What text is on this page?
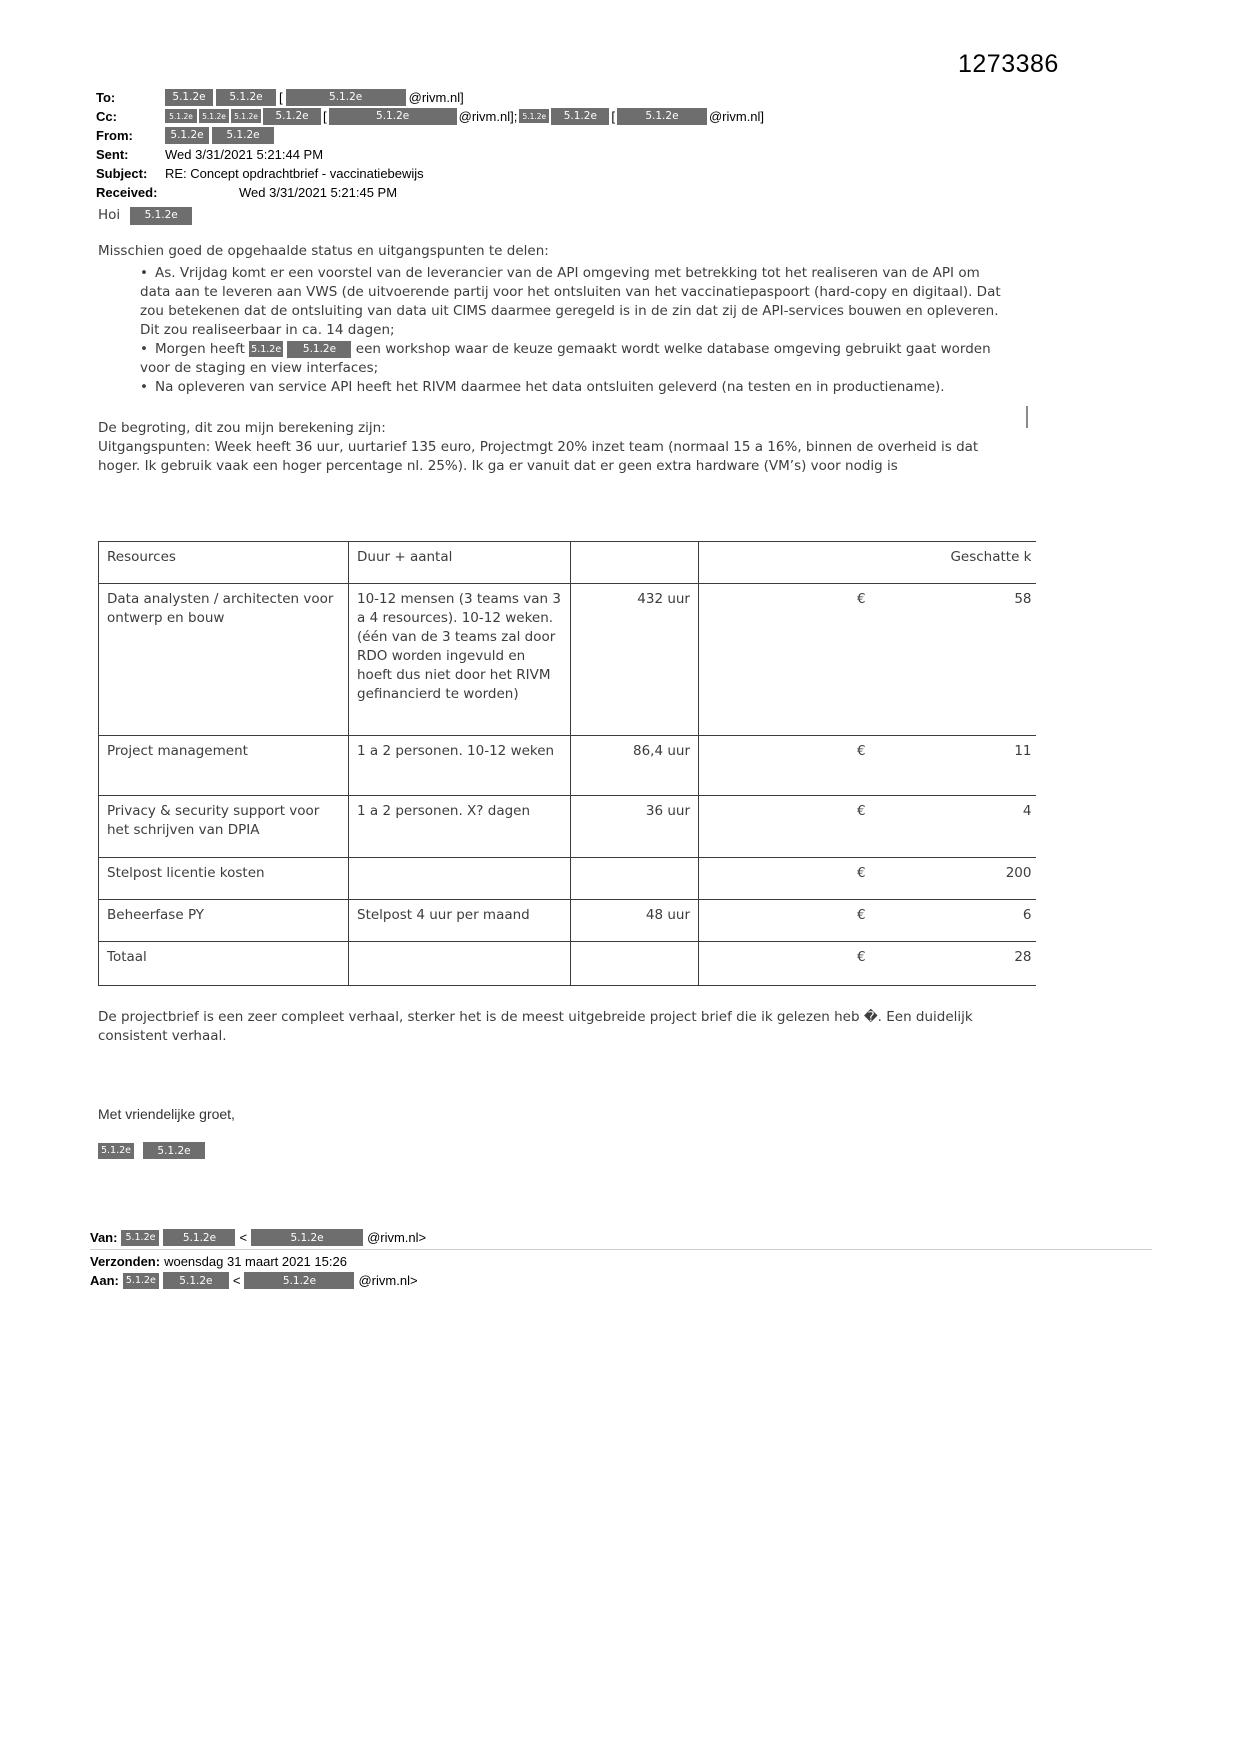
1273386
To:	5.1.2e	5.1.2e	[	5.1.2e	@rivm.nl]
Cc:	5.1.2e	5.1.2e	5.1.2e	5.1.2e	[	5.1.2e	@rivm.nl]; 5.1.2e	5.1.2e	[	5.1.2e	@rivm.nl]
From:	5.1.2e	5.1.2e
Sent:	Wed 3/31/2021 5:21:44 PM
Subject:	RE: Concept opdrachtbrief - vaccinatiebewijs
Received:	Wed 3/31/2021 5:21:45 PM
Hoi	5.1.2e
Misschien goed de opgehaalde status en uitgangspunten te delen:
• As. Vrijdag komt er een voorstel van de leverancier van de API omgeving met betrekking tot het realiseren van de API om data aan te leveren aan VWS (de uitvoerende partij voor het ontsluiten van het vaccinatiepaspoort (hard-copy en digitaal). Dat zou betekenen dat de ontsluiting van data uit CIMS daarmee geregeld is in de zin dat zij de API-services bouwen en opleveren. Dit zou realiseerbaar in ca. 14 dagen;
• Morgen heeft 5.1.2e 5.1.2e een workshop waar de keuze gemaakt wordt welke database omgeving gebruikt gaat worden voor de staging en view interfaces;
• Na opleveren van service API heeft het RIVM daarmee het data ontsluiten geleverd (na testen en in productiename).
De begroting, dit zou mijn berekening zijn:
Uitgangspunten: Week heeft 36 uur, uurtarief 135 euro, Projectmgt 20% inzet team (normaal 15 a 16%, binnen de overheid is dat hoger. Ik gebruik vaak een hoger percentage nl. 25%). Ik ga er vanuit dat er geen extra hardware (VM’s) voor nodig is
Resources	Duur + aantal		Geschatte k
Data analysten / architecten voor ontwerp en bouw	10-12 mensen (3 teams van 3 a 4 resources). 10-12 weken. (één van de 3 teams zal door RDO worden ingevuld en hoeft dus niet door het RIVM gefinancierd te worden)	432 uur	€ 58

Project management	1 a 2 personen. 10-12 weken	86,4 uur	€ 11

Privacy & security support voor het schrijven van DPIA	1 a 2 personen. X? dagen	36 uur	€ 4

Stelpost licentie kosten			€ 200

Beheerfase PY	Stelpost 4 uur per maand	48 uur	€ 6

Totaal			€ 28
De projectbrief is een zeer compleet verhaal, sterker het is de meest uitgebreide project brief die ik gelezen heb �. Een duidelijk consistent verhaal.
Met vriendelijke groet,
5.1.2e	5.1.2e
Van: 5.1.2e	5.1.2e	<	5.1.2e	@rivm.nl>
Verzonden: woensdag 31 maart 2021 15:26
Aan: 5.1.2e	5.1.2e	<	5.1.2e	@rivm.nl>
